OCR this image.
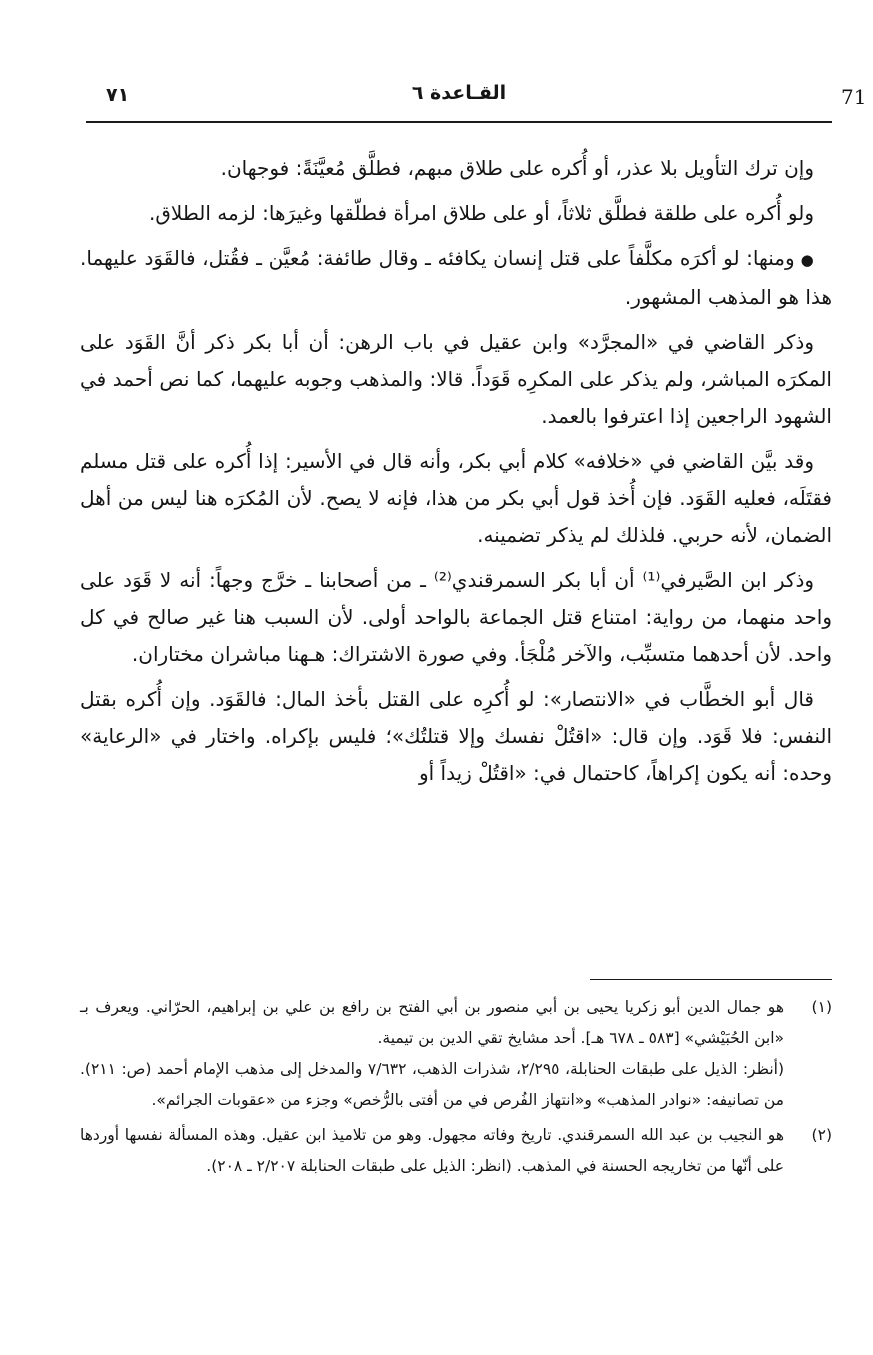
71
القـاعدة ٦
٧١

وإن ترك التأويل بلا عذر، أو أُكره على طلاق مبهم، فطلَّق مُعيَّنَةً: فوجهان.

ولو أُكره على طلقة فطلَّق ثلاثاً، أو على طلاق امرأة فطلّقها وغيرَها: لزمه الطلاق.

●ومنها: لو أكرَه مكلَّفاً على قتل إنسان يكافئه ـ وقال طائفة: مُعيَّن ـ فقُتل، فالقَوَد عليهما. هذا هو المذهب المشهور.

وذكر القاضي في «المجرَّد» وابن عقيل في باب الرهن: أن أبا بكر ذكر أنَّ القَوَد على المكرَه المباشر، ولم يذكر على المكرِه قَوَداً. قالا: والمذهب وجوبه عليهما، كما نص أحمد في الشهود الراجعين إذا اعترفوا بالعمد.

وقد بيَّن القاضي في «خلافه» كلام أبي بكر، وأنه قال في الأسير: إذا أُكره على قتل مسلم فقتَلَه، فعليه القَوَد. فإن أُخذ قول أبي بكر من هذا، فإنه لا يصح. لأن المُكرَه هنا ليس من أهل الضمان، لأنه حربي. فلذلك لم يذكر تضمينه.

وذكر ابن الصَّيرفي⁽¹⁾ أن أبا بكر السمرقندي⁽²⁾ ـ من أصحابنا ـ خرَّج وجهاً: أنه لا قَوَد على واحد منهما، من رواية: امتناع قتل الجماعة بالواحد أولى. لأن السبب هنا غير صالح في كل واحد. لأن أحدهما متسبِّب، والآخر مُلْجَأ. وفي صورة الاشتراك: هـهنا مباشران مختاران.

قال أبو الخطَّاب في «الانتصار»: لو أُكرِه على القتل بأخذ المال: فالقَوَد. وإن أُكره بقتل النفس: فلا قَوَد. وإن قال: «اقتُلْ نفسك وإلا قتلتُك»؛ فليس بإكراه. واختار في «الرعاية» وحده: أنه يكون إكراهاً، كاحتمال في: «اقتُلْ زيداً أو

(١)

هو جمال الدين أبو زكريا يحيى بن أبي منصور بن أبي الفتح بن رافع بن علي بن إبراهيم، الحرّاني. ويعرف بـ «ابن الحُبَيْشي» [٥٨٣ ـ ٦٧٨ هـ]. أحد مشايخ تقي الدين بن تيمية.

(أنظر: الذيل على طبقات الحنابلة، ٢/٢٩٥، شذرات الذهب، ٧/٦٣٢ والمدخل إلى مذهب الإمام أحمد (ص: ٢١١). من تصانيفه: «نوادر المذهب» و«انتهاز الفُرص في من أفتى بالرُّخص» وجزء من «عقوبات الجرائم».

(٢)

هو النجيب بن عبد الله السمرقندي. تاريخ وفاته مجهول. وهو من تلاميذ ابن عقيل. وهذه المسألة نفسها أوردها على أنّها من تخاريجه الحسنة في المذهب. (انظر: الذيل على طبقات الحنابلة ٢/٢٠٧ ـ ٢٠٨).
